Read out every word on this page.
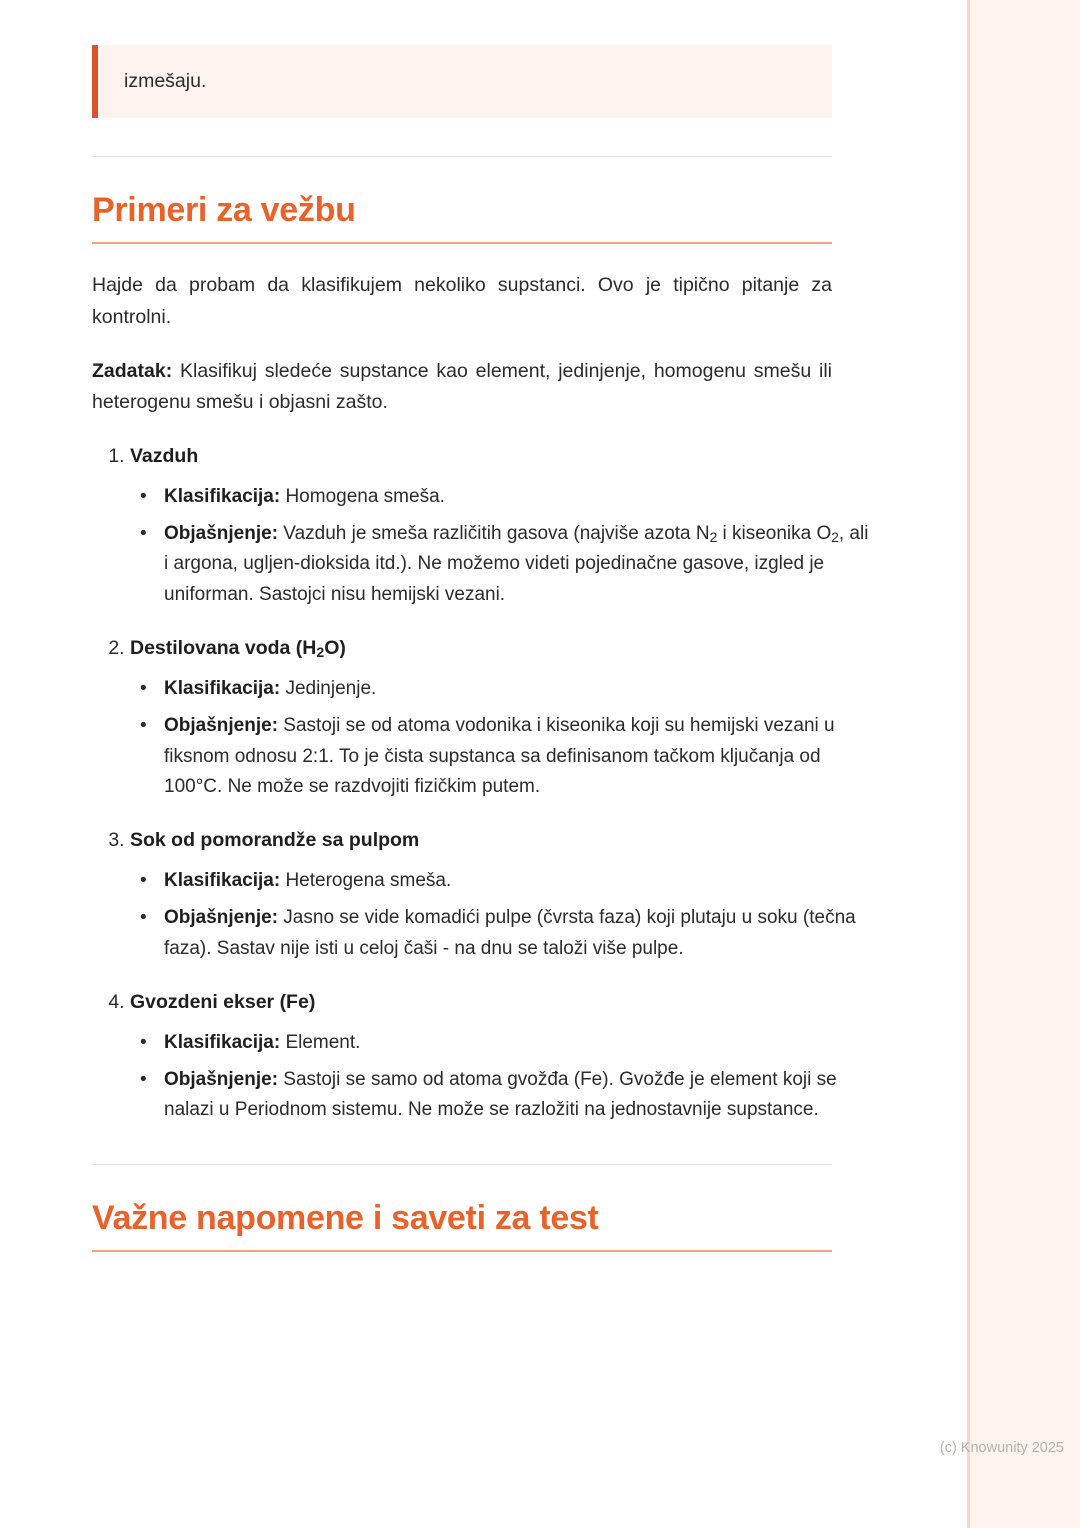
izmešaju.

Primeri za vežbu

Hajde da probam da klasifikujem nekoliko supstanci. Ovo je tipično pitanje za kontrolni.

Zadatak: Klasifikuj sledeće supstance kao element, jedinjenje, homogenu smešu ili heterogenu smešu i objasni zašto.

1. Vazduh
• Klasifikacija: Homogena smeša.
• Objašnjenje: Vazduh je smeša različitih gasova (najviše azota $N_2$ i kiseonika $O_2$, ali i argona, ugljen-dioksida itd.). Ne možemo videti pojedinačne gasove, izgled je uniforman. Sastojci nisu hemijski vezani.
2. Destilovana voda $(H_2O)$
• Klasifikacija: Jedinjenje.
• Objašnjenje: Sastoji se od atoma vodonika i kiseonika koji su hemijski vezani u fiksnom odnosu 2:1. To je čista supstanca sa definisanom tačkom ključanja od 100°C. Ne može se razdvojiti fizičkim putem.
3. Sok od pomorandže sa pulpom
• Klasifikacija: Heterogena smeša.
• Objašnjenje: Jasno se vide komadići pulpe (čvrsta faza) koji plutaju u soku (tečna faza). Sastav nije isti u celoj čaši - na dnu se taloži više pulpe.
4. Gvozdeni ekser (Fe)
• Klasifikacija: Element.
• Objašnjenje: Sastoji se samo od atoma gvožđa (Fe). Gvožđe je element koji se nalazi u Periodnom sistemu. Ne može se razložiti na jednostavnije supstance.
Važne napomene i saveti za test
(c) Knowunity 2025
